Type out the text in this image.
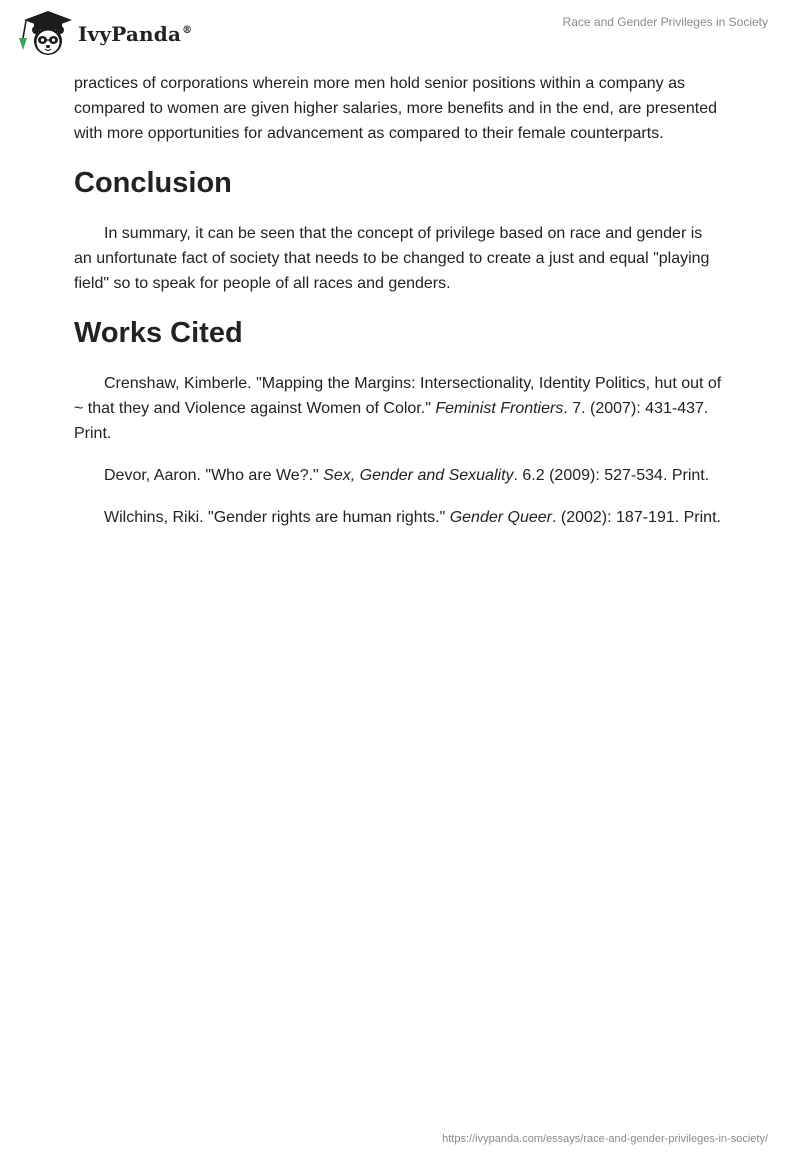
IvyPanda®
Race and Gender Privileges in Society

practices of corporations wherein more men hold senior positions within a company as compared to women are given higher salaries, more benefits and in the end, are presented with more opportunities for advancement as compared to their female counterparts.

Conclusion

In summary, it can be seen that the concept of privilege based on race and gender is an unfortunate fact of society that needs to be changed to create a just and equal "playing field" so to speak for people of all races and genders.

Works Cited

Crenshaw, Kimberle. "Mapping the Margins: Intersectionality, Identity Politics, hut out of ~ that they and Violence against Women of Color." Feminist Frontiers. 7. (2007): 431-437. Print.

Devor, Aaron. "Who are We?." Sex, Gender and Sexuality. 6.2 (2009): 527-534. Print.

Wilchins, Riki. "Gender rights are human rights." Gender Queer. (2002): 187-191. Print.

https://ivypanda.com/essays/race-and-gender-privileges-in-society/
